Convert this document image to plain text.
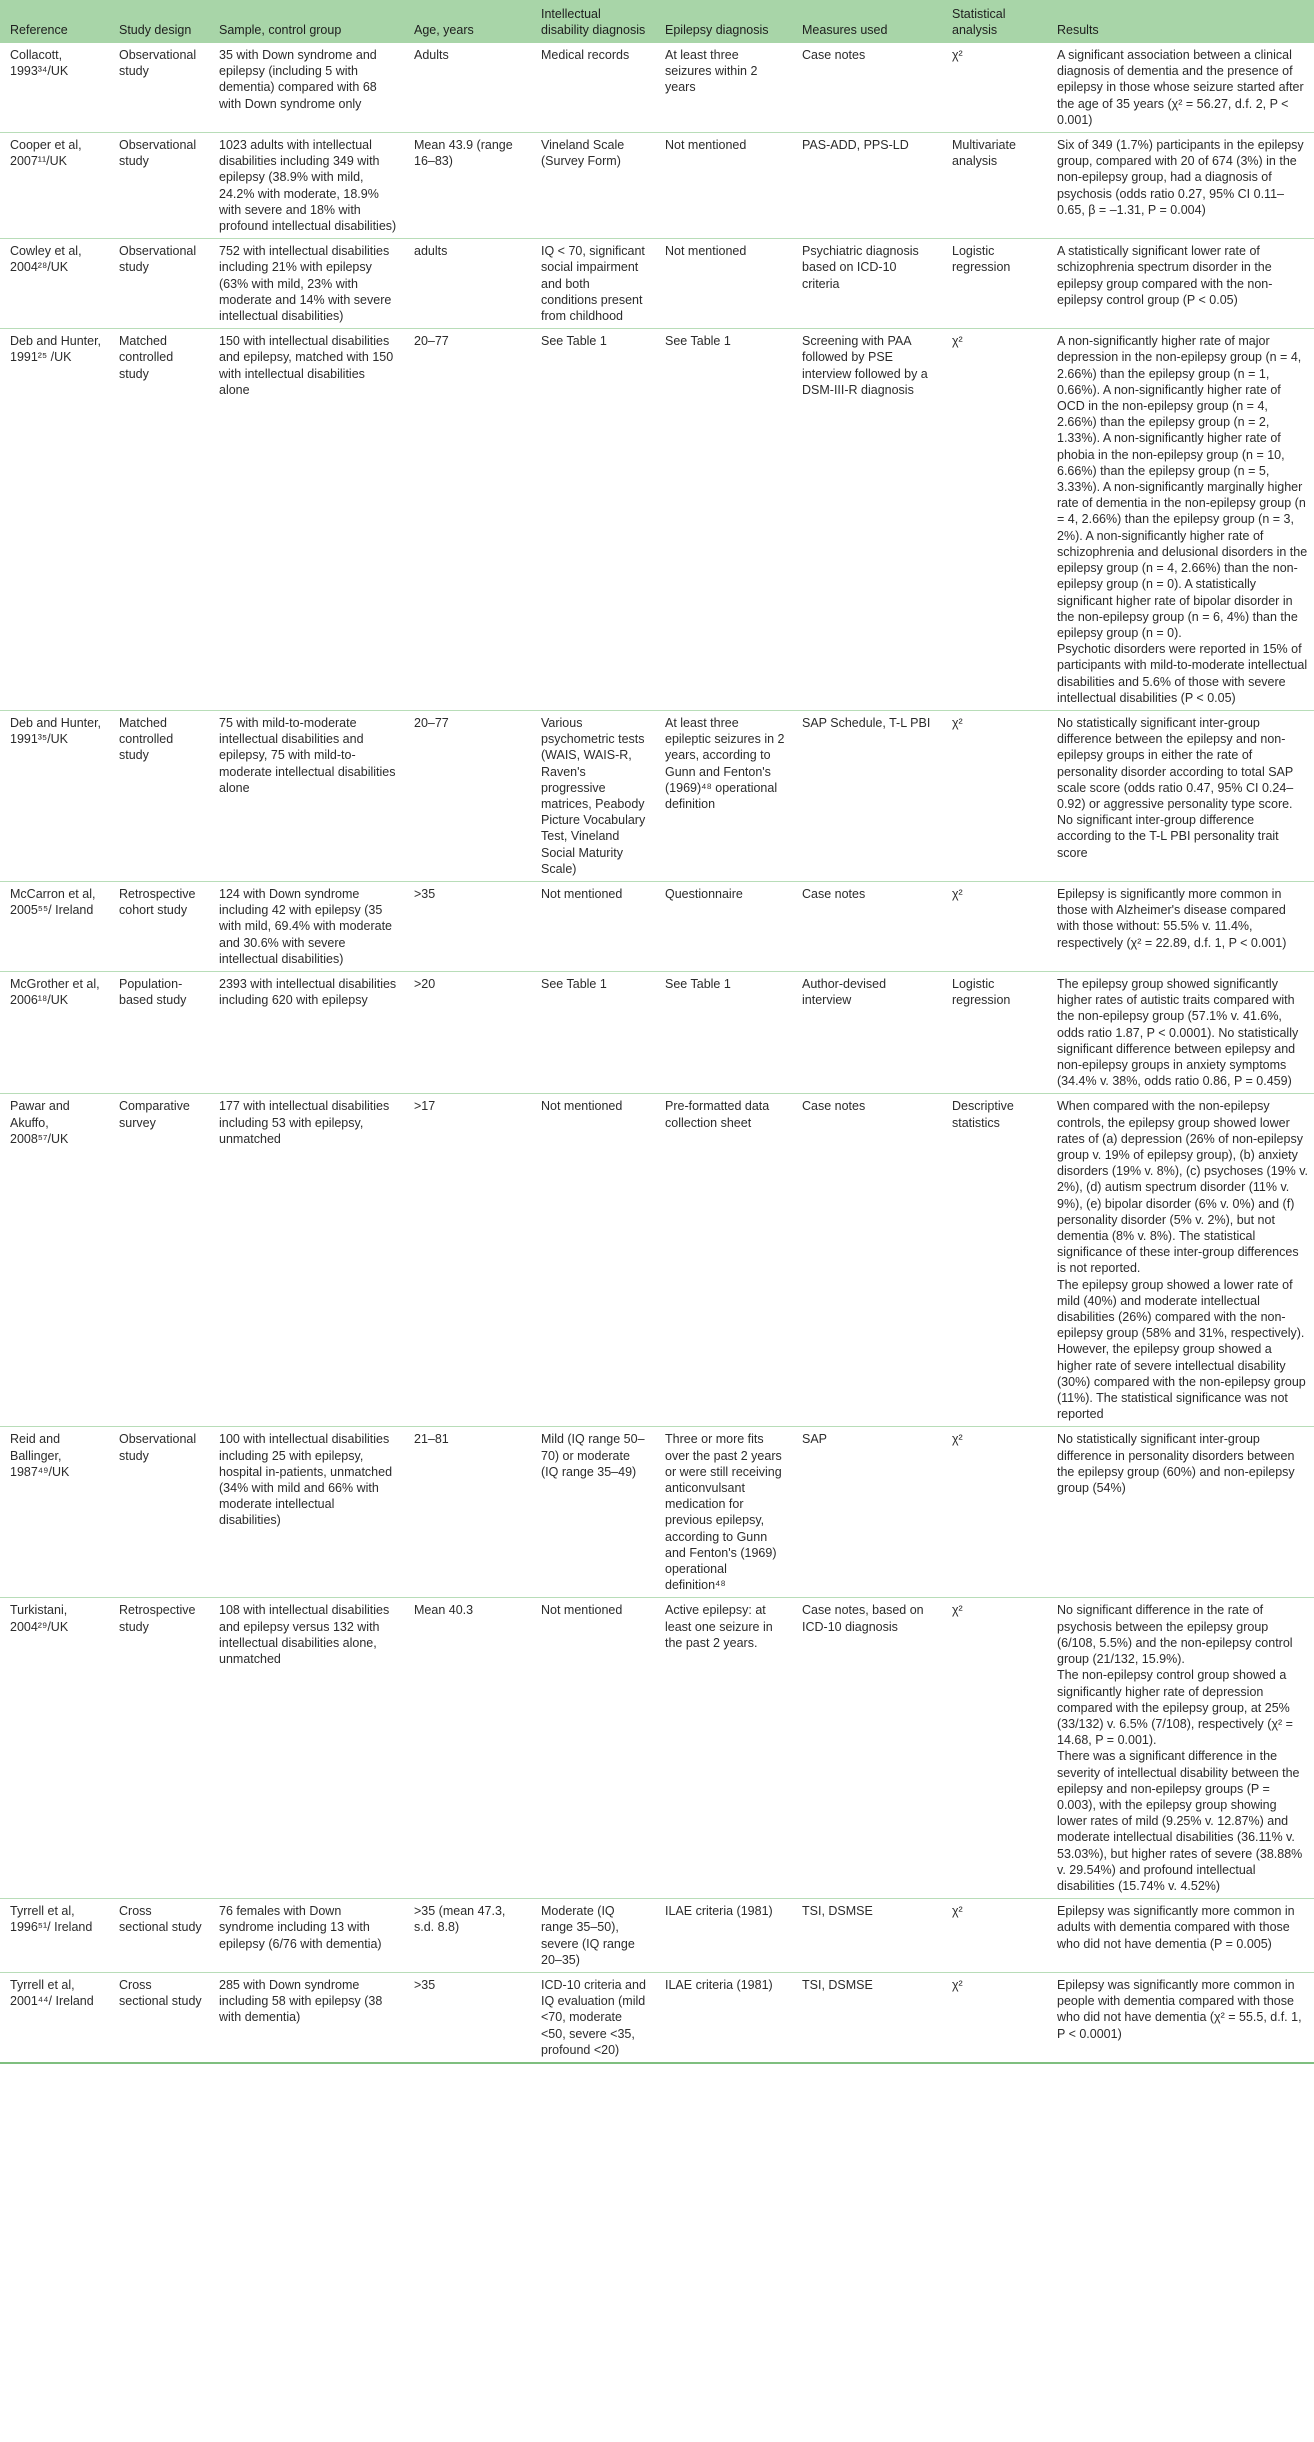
Reference	Study design	Sample, control group	Age, years	Intellectual disability diagnosis	Epilepsy diagnosis	Measures used	Statistical analysis	Results
Collacott, 1993³⁴/UK	Observational study	35 with Down syndrome and epilepsy (including 5 with dementia) compared with 68 with Down syndrome only	Adults	Medical records	At least three seizures within 2 years	Case notes	χ²	A significant association between a clinical diagnosis of dementia and the presence of epilepsy in those whose seizure started after the age of 35 years (χ² = 56.27, d.f. 2, P < 0.001)

Cooper et al, 2007¹¹/UK	Observational study	1023 adults with intellectual disabilities including 349 with epilepsy (38.9% with mild, 24.2% with moderate, 18.9% with severe and 18% with profound intellectual disabilities)	Mean 43.9 (range 16–83)	Vineland Scale (Survey Form)	Not mentioned	PAS-ADD, PPS-LD	Multivariate analysis	Six of 349 (1.7%) participants in the epilepsy group, compared with 20 of 674 (3%) in the non-epilepsy group, had a diagnosis of psychosis (odds ratio 0.27, 95% CI 0.11–0.65, β = –1.31, P = 0.004)

Cowley et al, 2004²⁸/UK	Observational study	752 with intellectual disabilities including 21% with epilepsy (63% with mild, 23% with moderate and 14% with severe intellectual disabilities)	adults	IQ < 70, significant social impairment and both conditions present from childhood	Not mentioned	Psychiatric diagnosis based on ICD-10 criteria	Logistic regression	A statistically significant lower rate of schizophrenia spectrum disorder in the epilepsy group compared with the non-epilepsy control group (P < 0.05)

Deb and Hunter, 1991²⁵ /UK	Matched controlled study	150 with intellectual disabilities and epilepsy, matched with 150 with intellectual disabilities alone	20–77	See Table 1	See Table 1	Screening with PAA followed by PSE interview followed by a DSM-III-R diagnosis	χ²	A non-significantly higher rate of major depression in the non-epilepsy group (n = 4, 2.66%) than the epilepsy group (n = 1, 0.66%). A non-significantly higher rate of OCD in the non-epilepsy group (n = 4, 2.66%) than the epilepsy group (n = 2, 1.33%). A non-significantly higher rate of phobia in the non-epilepsy group (n = 10, 6.66%) than the epilepsy group (n = 5, 3.33%). A non-significantly marginally higher rate of dementia in the non-epilepsy group (n = 4, 2.66%) than the epilepsy group (n = 3, 2%). A non-significantly higher rate of schizophrenia and delusional disorders in the epilepsy group (n = 4, 2.66%) than the non-epilepsy group (n = 0). A statistically significant higher rate of bipolar disorder in the non-epilepsy group (n = 6, 4%) than the epilepsy group (n = 0).
Psychotic disorders were reported in 15% of participants with mild-to-moderate intellectual disabilities and 5.6% of those with severe intellectual disabilities (P < 0.05)

Deb and Hunter, 1991³⁵/UK	Matched controlled study	75 with mild-to-moderate intellectual disabilities and epilepsy, 75 with mild-to-moderate intellectual disabilities alone	20–77	Various psychometric tests (WAIS, WAIS-R, Raven's progressive matrices, Peabody Picture Vocabulary Test, Vineland Social Maturity Scale)	At least three epileptic seizures in 2 years, according to Gunn and Fenton's (1969)⁴⁸ operational definition	SAP Schedule, T-L PBI	χ²	No statistically significant inter-group difference between the epilepsy and non-epilepsy groups in either the rate of personality disorder according to total SAP scale score (odds ratio 0.47, 95% CI 0.24–0.92) or aggressive personality type score. No significant inter-group difference according to the T-L PBI personality trait score

McCarron et al, 2005⁵⁵/ Ireland	Retrospective cohort study	124 with Down syndrome including 42 with epilepsy (35 with mild, 69.4% with moderate and 30.6% with severe intellectual disabilities)	>35	Not mentioned	Questionnaire	Case notes	χ²	Epilepsy is significantly more common in those with Alzheimer's disease compared with those without: 55.5% v. 11.4%, respectively (χ² = 22.89, d.f. 1, P < 0.001)

McGrother et al, 2006¹⁸/UK	Population-based study	2393 with intellectual disabilities including 620 with epilepsy	>20	See Table 1	See Table 1	Author-devised interview	Logistic regression	The epilepsy group showed significantly higher rates of autistic traits compared with the non-epilepsy group (57.1% v. 41.6%, odds ratio 1.87, P < 0.0001). No statistically significant difference between epilepsy and non-epilepsy groups in anxiety symptoms (34.4% v. 38%, odds ratio 0.86, P = 0.459)

Pawar and Akuffo, 2008⁵⁷/UK	Comparative survey	177 with intellectual disabilities including 53 with epilepsy, unmatched	>17	Not mentioned	Pre-formatted data collection sheet	Case notes	Descriptive statistics	When compared with the non-epilepsy controls, the epilepsy group showed lower rates of (a) depression (26% of non-epilepsy group v. 19% of epilepsy group), (b) anxiety disorders (19% v. 8%), (c) psychoses (19% v. 2%), (d) autism spectrum disorder (11% v. 9%), (e) bipolar disorder (6% v. 0%) and (f) personality disorder (5% v. 2%), but not dementia (8% v. 8%). The statistical significance of these inter-group differences is not reported.
The epilepsy group showed a lower rate of mild (40%) and moderate intellectual disabilities (26%) compared with the non-epilepsy group (58% and 31%, respectively). However, the epilepsy group showed a higher rate of severe intellectual disability (30%) compared with the non-epilepsy group (11%). The statistical significance was not reported

Reid and Ballinger, 1987⁴⁹/UK	Observational study	100 with intellectual disabilities including 25 with epilepsy, hospital in-patients, unmatched (34% with mild and 66% with moderate intellectual disabilities)	21–81	Mild (IQ range 50–70) or moderate (IQ range 35–49)	Three or more fits over the past 2 years or were still receiving anticonvulsant medication for previous epilepsy, according to Gunn and Fenton's (1969) operational definition⁴⁸	SAP	χ²	No statistically significant inter-group difference in personality disorders between the epilepsy group (60%) and non-epilepsy group (54%)

Turkistani, 2004²⁹/UK	Retrospective study	108 with intellectual disabilities and epilepsy versus 132 with intellectual disabilities alone, unmatched	Mean 40.3	Not mentioned	Active epilepsy: at least one seizure in the past 2 years.	Case notes, based on ICD-10 diagnosis	χ²	No significant difference in the rate of psychosis between the epilepsy group (6/108, 5.5%) and the non-epilepsy control group (21/132, 15.9%).
The non-epilepsy control group showed a significantly higher rate of depression compared with the epilepsy group, at 25% (33/132) v. 6.5% (7/108), respectively (χ² = 14.68, P = 0.001).
There was a significant difference in the severity of intellectual disability between the epilepsy and non-epilepsy groups (P = 0.003), with the epilepsy group showing lower rates of mild (9.25% v. 12.87%) and moderate intellectual disabilities (36.11% v. 53.03%), but higher rates of severe (38.88% v. 29.54%) and profound intellectual disabilities (15.74% v. 4.52%)

Tyrrell et al, 1996⁵¹/ Ireland	Cross sectional study	76 females with Down syndrome including 13 with epilepsy (6/76 with dementia)	>35 (mean 47.3, s.d. 8.8)	Moderate (IQ range 35–50), severe (IQ range 20–35)	ILAE criteria (1981)	TSI, DSMSE	χ²	Epilepsy was significantly more common in adults with dementia compared with those who did not have dementia (P = 0.005)

Tyrrell et al, 2001⁴⁴/ Ireland	Cross sectional study	285 with Down syndrome including 58 with epilepsy (38 with dementia)	>35	ICD-10 criteria and IQ evaluation (mild <70, moderate <50, severe <35, profound <20)	ILAE criteria (1981)	TSI, DSMSE	χ²	Epilepsy was significantly more common in people with dementia compared with those who did not have dementia (χ² = 55.5, d.f. 1, P < 0.0001)
